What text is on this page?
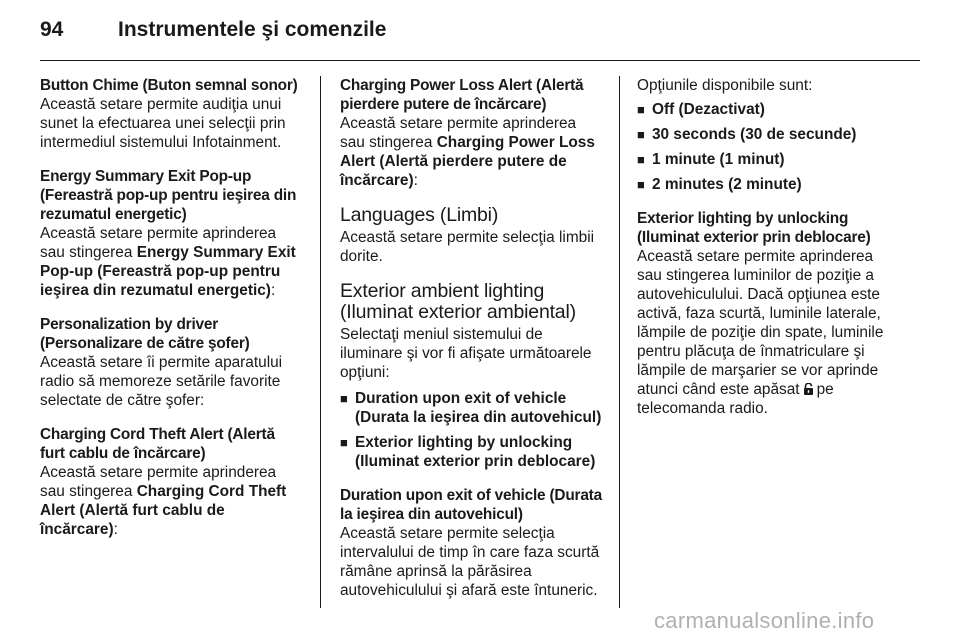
94	Instrumentele şi comenzile

Button Chime (Buton semnal sonor)

Această setare permite audiţia unui sunet la efectuarea unei selecţii prin intermediul sistemului Infotainment.

Energy Summary Exit Pop-up (Fereastră pop-up pentru ieşirea din rezumatul energetic)

Această setare permite aprinderea sau stingerea Energy Summary Exit Pop-up (Fereastră pop-up pentru ieşirea din rezumatul energetic):

Personalization by driver (Personalizare de către şofer)

Această setare îi permite aparatului radio să memoreze setările favorite selectate de către şofer:

Charging Cord Theft Alert (Alertă furt cablu de încărcare)

Această setare permite aprinderea sau stingerea Charging Cord Theft Alert (Alertă furt cablu de încărcare):

Charging Power Loss Alert (Alertă pierdere putere de încărcare)

Această setare permite aprinderea sau stingerea Charging Power Loss Alert (Alertă pierdere putere de încărcare):

Languages (Limbi)

Această setare permite selecţia limbii dorite.

Exterior ambient lighting (Iluminat exterior ambiental)

Selectaţi meniul sistemului de iluminare şi vor fi afişate următoarele opţiuni:

■ Duration upon exit of vehicle (Durata la ieşirea din autovehicul)
■ Exterior lighting by unlocking (Iluminat exterior prin deblocare)

Duration upon exit of vehicle (Durata la ieşirea din autovehicul)

Această setare permite selecţia intervalului de timp în care faza scurtă rămâne aprinsă la părăsirea autovehiculului şi afară este întuneric.

Opţiunile disponibile sunt:

■ Off (Dezactivat)
■ 30 seconds (30 de secunde)
■ 1 minute (1 minut)
■ 2 minutes (2 minute)

Exterior lighting by unlocking (Iluminat exterior prin deblocare)

Această setare permite aprinderea sau stingerea luminilor de poziţie a autovehiculului. Dacă opţiunea este activă, faza scurtă, luminile laterale, lămpile de poziţie din spate, luminile pentru plăcuţa de înmatriculare şi lămpile de marşarier se vor aprinde atunci când este apăsat pe telecomanda radio.

carmanualsonline.info
